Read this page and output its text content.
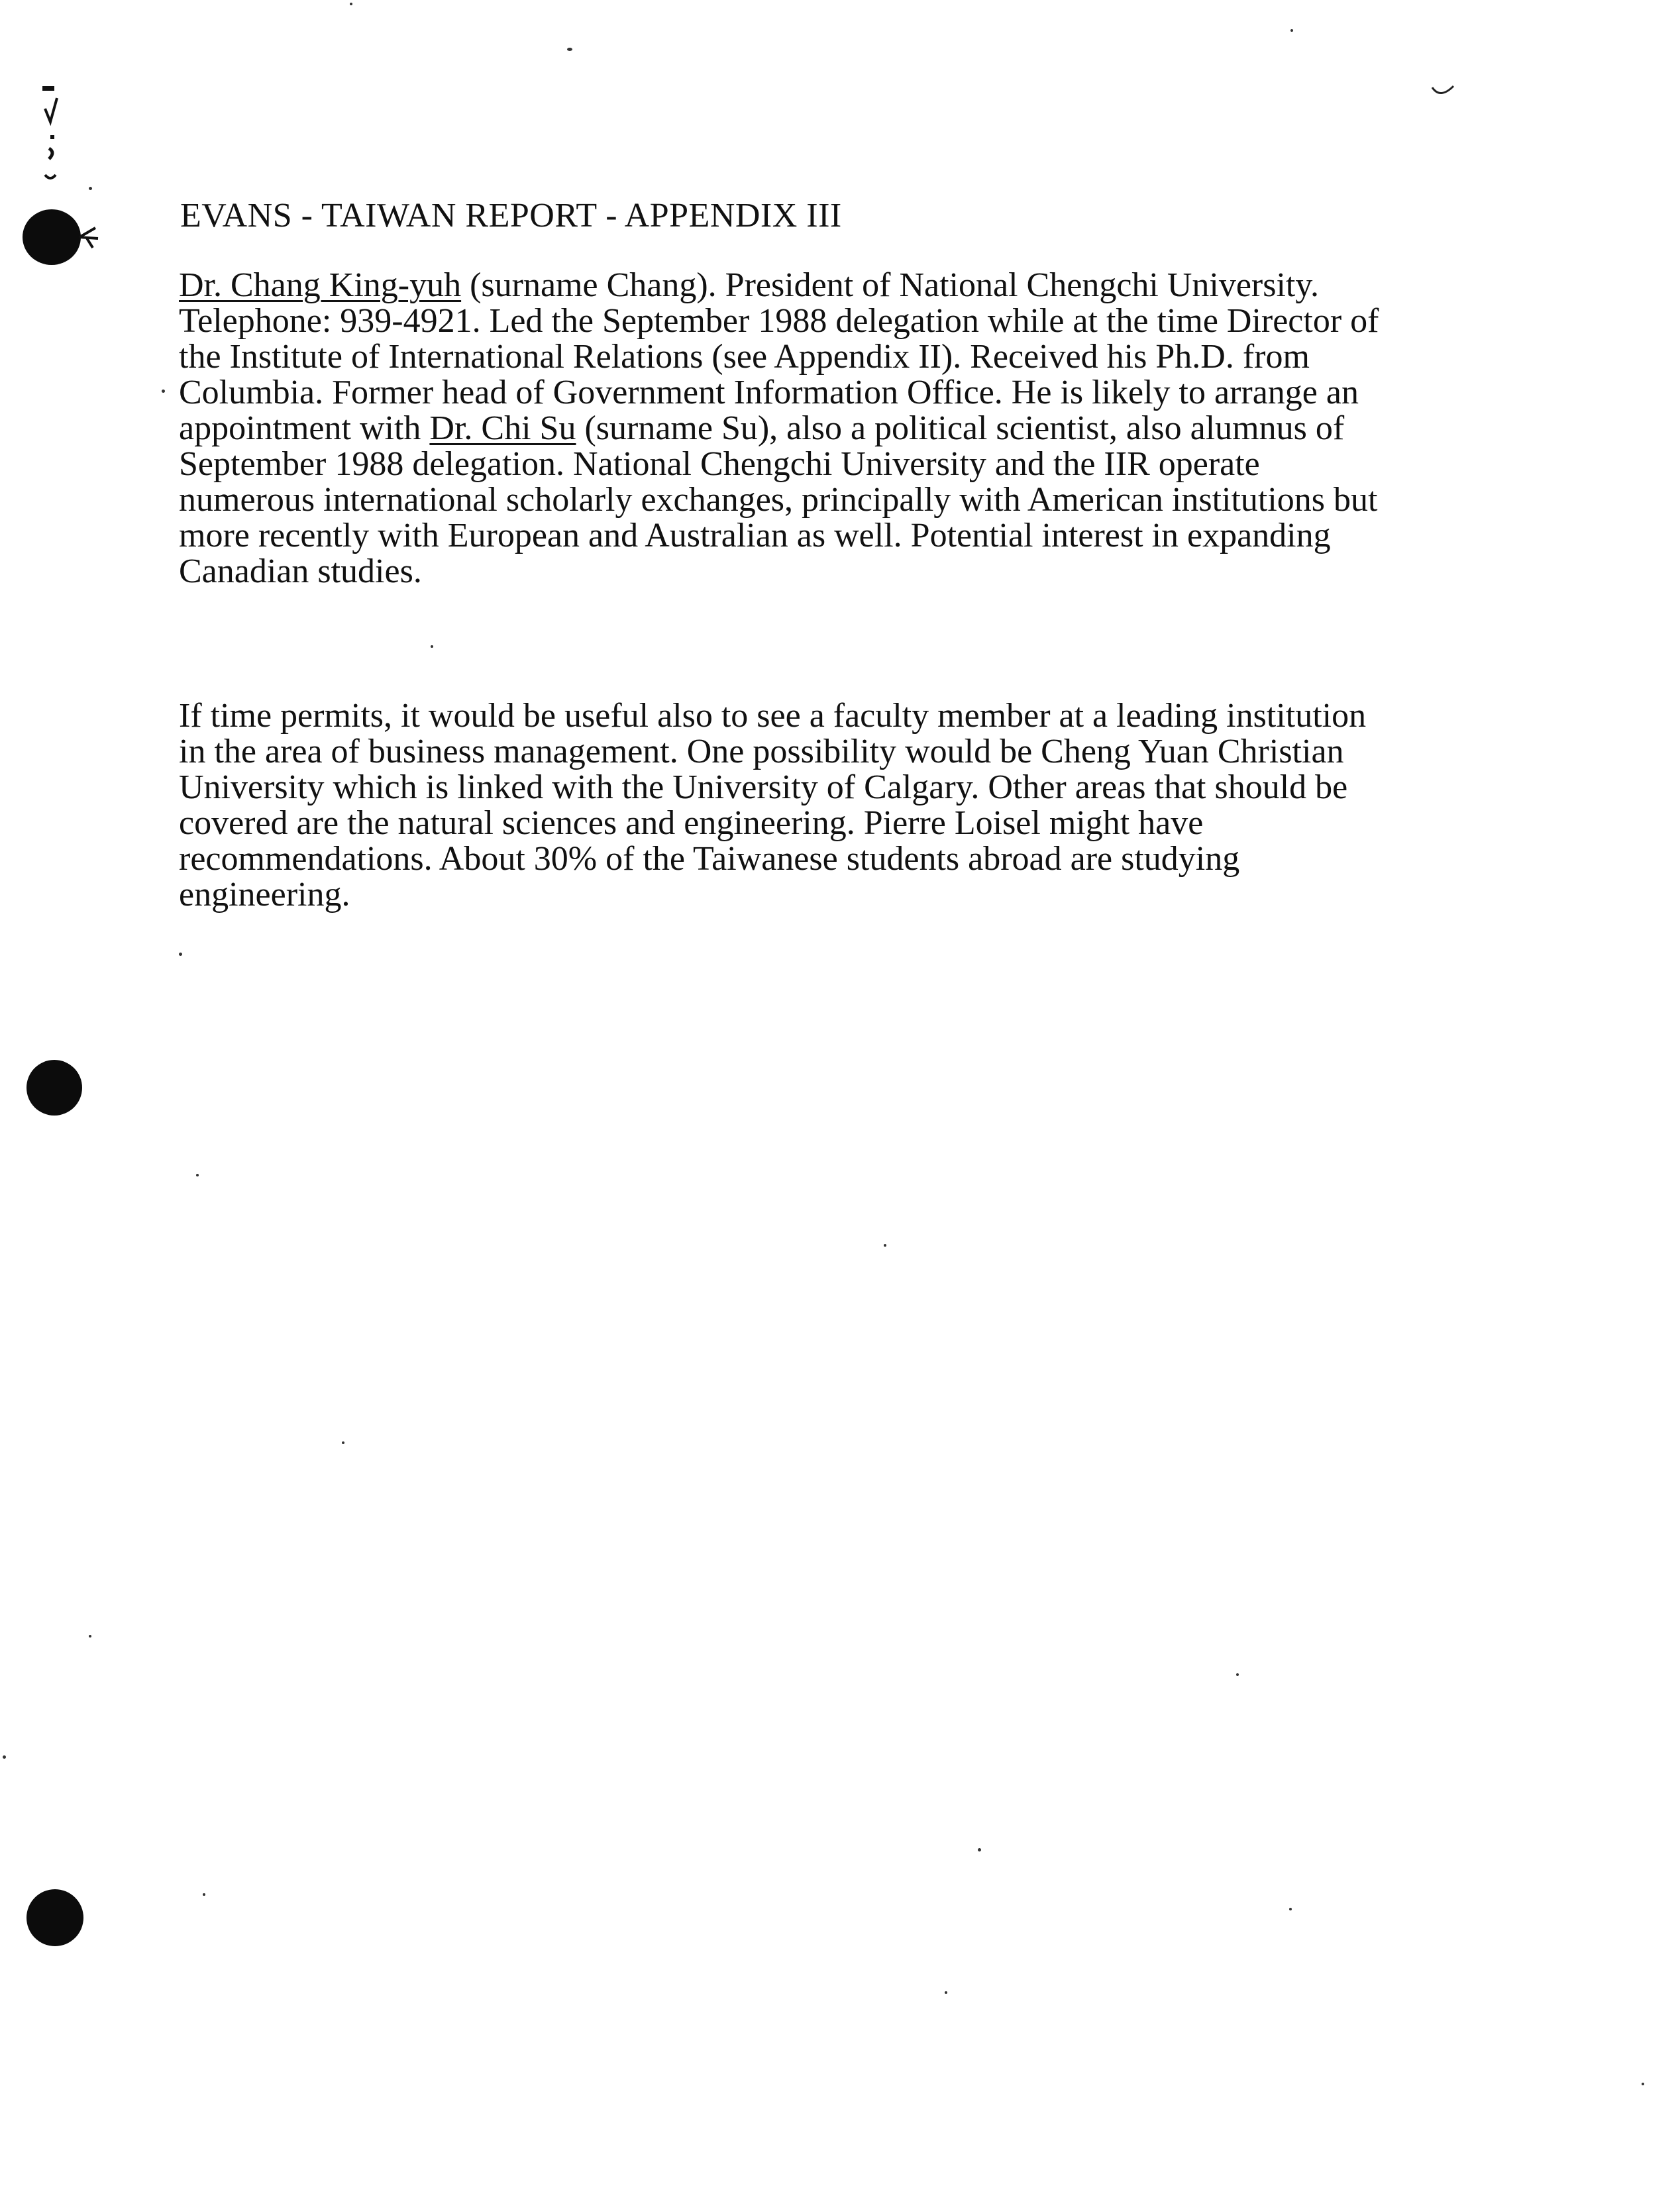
EVANS - TAIWAN REPORT - APPENDIX III

Dr. Chang King-yuh (surname Chang). President of National Chengchi University.
Telephone: 939-4921. Led the September 1988 delegation while at the time Director of
the Institute of International Relations (see Appendix II). Received his Ph.D. from
Columbia. Former head of Government Information Office. He is likely to arrange an
appointment with Dr. Chi Su (surname Su), also a political scientist, also alumnus of
September 1988 delegation. National Chengchi University and the IIR operate
numerous international scholarly exchanges, principally with American institutions but
more recently with European and Australian as well. Potential interest in expanding
Canadian studies.

If time permits, it would be useful also to see a faculty member at a leading institution
in the area of business management. One possibility would be Cheng Yuan Christian
University which is linked with the University of Calgary. Other areas that should be
covered are the natural sciences and engineering. Pierre Loisel might have
recommendations. About 30% of the Taiwanese students abroad are studying
engineering.
